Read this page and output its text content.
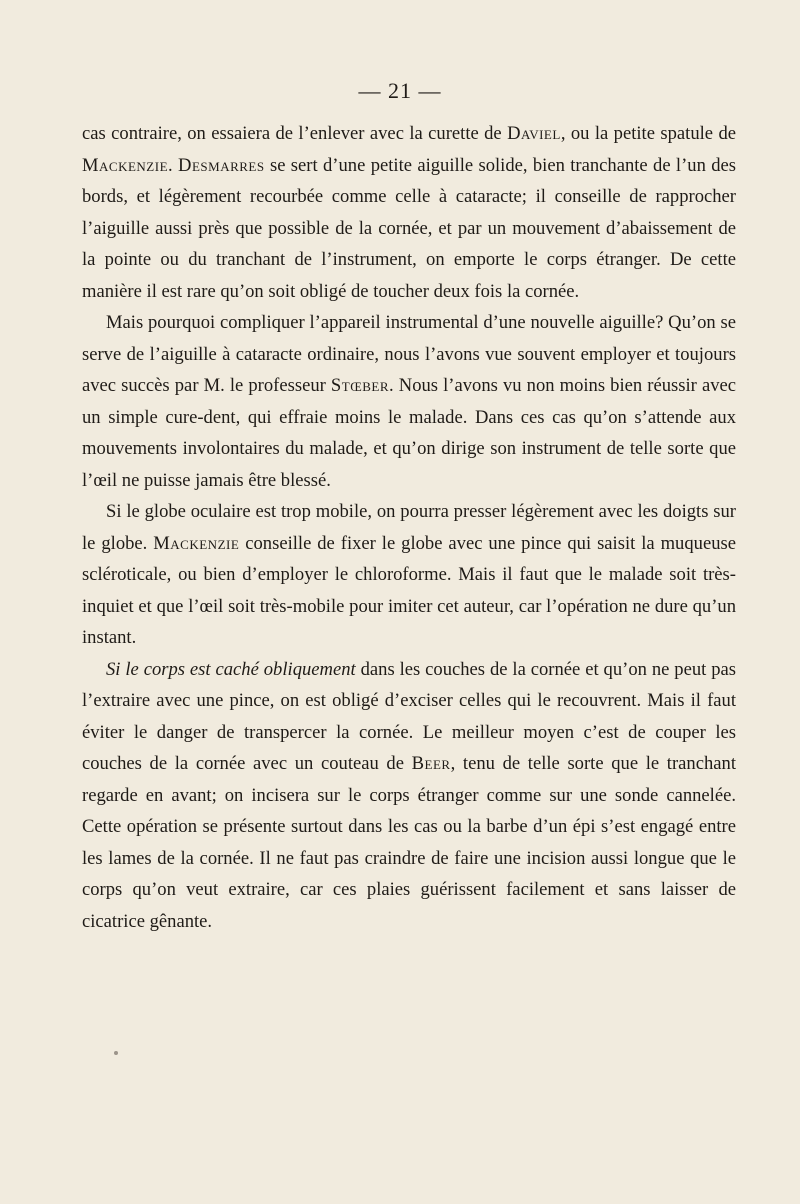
— 21 —

cas contraire, on essaiera de l’enlever avec la curette de Daviel, ou la petite spatule de Mackenzie. Desmarres se sert d’une petite aiguille solide, bien tranchante de l’un des bords, et légèrement recourbée comme celle à cataracte; il conseille de rapprocher l’aiguille aussi près que possible de la cornée, et par un mouvement d’abaissement de la pointe ou du tranchant de l’instrument, on emporte le corps étranger. De cette manière il est rare qu’on soit obligé de toucher deux fois la cornée.

Mais pourquoi compliquer l’appareil instrumental d’une nouvelle aiguille? Qu’on se serve de l’aiguille à cataracte ordinaire, nous l’avons vue souvent employer et toujours avec succès par M. le professeur Stœber. Nous l’avons vu non moins bien réussir avec un simple cure-dent, qui effraie moins le malade. Dans ces cas qu’on s’attende aux mouvements involontaires du malade, et qu’on dirige son instrument de telle sorte que l’œil ne puisse jamais être blessé.

Si le globe oculaire est trop mobile, on pourra presser légèrement avec les doigts sur le globe. Mackenzie conseille de fixer le globe avec une pince qui saisit la muqueuse scléroticale, ou bien d’employer le chloroforme. Mais il faut que le malade soit très-inquiet et que l’œil soit très-mobile pour imiter cet auteur, car l’opération ne dure qu’un instant.

Si le corps est caché obliquement dans les couches de la cornée et qu’on ne peut pas l’extraire avec une pince, on est obligé d’exciser celles qui le recouvrent. Mais il faut éviter le danger de transpercer la cornée. Le meilleur moyen c’est de couper les couches de la cornée avec un couteau de Beer, tenu de telle sorte que le tranchant regarde en avant; on incisera sur le corps étranger comme sur une sonde cannelée. Cette opération se présente surtout dans les cas ou la barbe d’un épi s’est engagé entre les lames de la cornée. Il ne faut pas craindre de faire une incision aussi longue que le corps qu’on veut extraire, car ces plaies guérissent facilement et sans laisser de cicatrice gênante.
